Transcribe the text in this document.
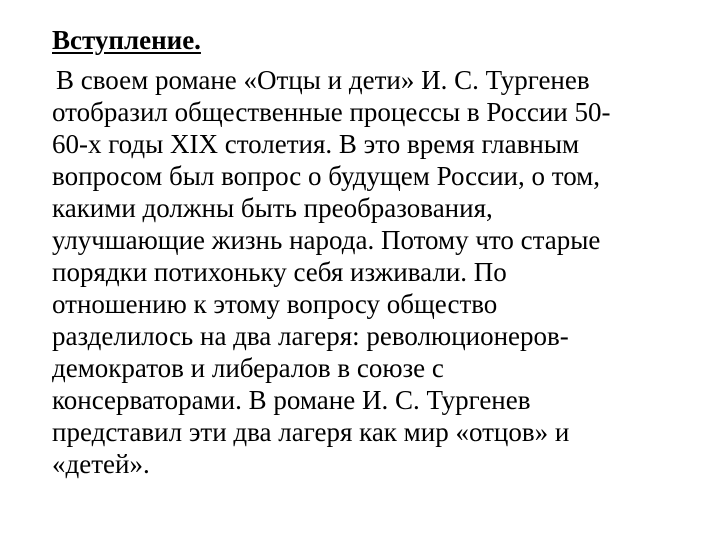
Вступление.
В своем романе «Отцы и дети» И. С. Тургенев
отобразил общественные процессы в России 50-
60-х годы XIX столетия. В это время главным
вопросом был вопрос о будущем России, о том,
какими должны быть преобразования,
улучшающие жизнь народа. Потому что старые
порядки потихоньку себя изживали. По
отношению к этому вопросу общество
разделилось на два лагеря: революционеров-
демократов и либералов в союзе с
консерваторами. В романе И. С. Тургенев
представил эти два лагеря как мир «отцов» и
«детей».
